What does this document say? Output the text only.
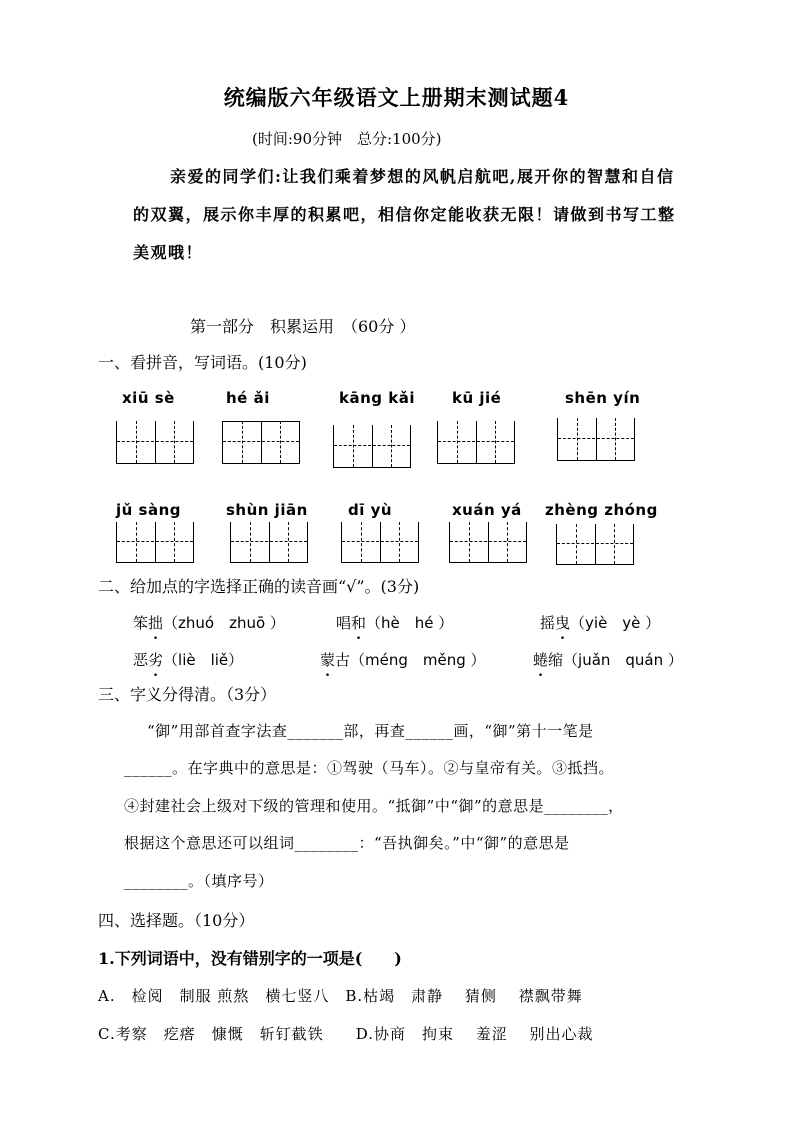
统编版六年级语文上册期末测试题4
(时间:90分钟　总分:100分)
亲爱的同学们:让我们乘着梦想的风帆启航吧,展开你的智慧和自信
的双翼，展示你丰厚的积累吧，相信你定能收获无限！请做到书写工整
美观哦！
第一部分　积累运用　（60分 ）
一、看拼音，写词语。(10分)
xiū sè	hé ǎi	kāng kǎi kū jié	shēn yín
jǔ sàng	shùn jiān	dī yù	xuán yá zhèng zhóng
二、给加点的字选择正确的读音画“√”。(3分)
笨拙（zhuó　zhuō ）	唱和（hè　hé ）	摇曳（yiè　yè ）
恶劣（liè　liě）	蒙古（méng　měng ）	蜷缩（juǎn　quán ）
三、字义分得清。（3分）
“御”用部首查字法查_______部，再查______画，“御”第十一笔是
______。在字典中的意思是：①驾驶（马车）。②与皇帝有关。③抵挡。
④封建社会上级对下级的管理和使用。“抵御”中“御”的意思是________，
根据这个意思还可以组词________：“吾执御矣。”中“御”的意思是
________。（填序号）
四、选择题。（10分）
1.下列词语中，没有错别字的一项是(　　)
A.　检阅　制服 煎熬　横七竖八　B.枯竭　肃静　 猜侧　 襟飘带舞
C.考察　疙瘩　慷慨　斩钉截铁　　D.协商　拘束　 羞涩　 别出心裁
